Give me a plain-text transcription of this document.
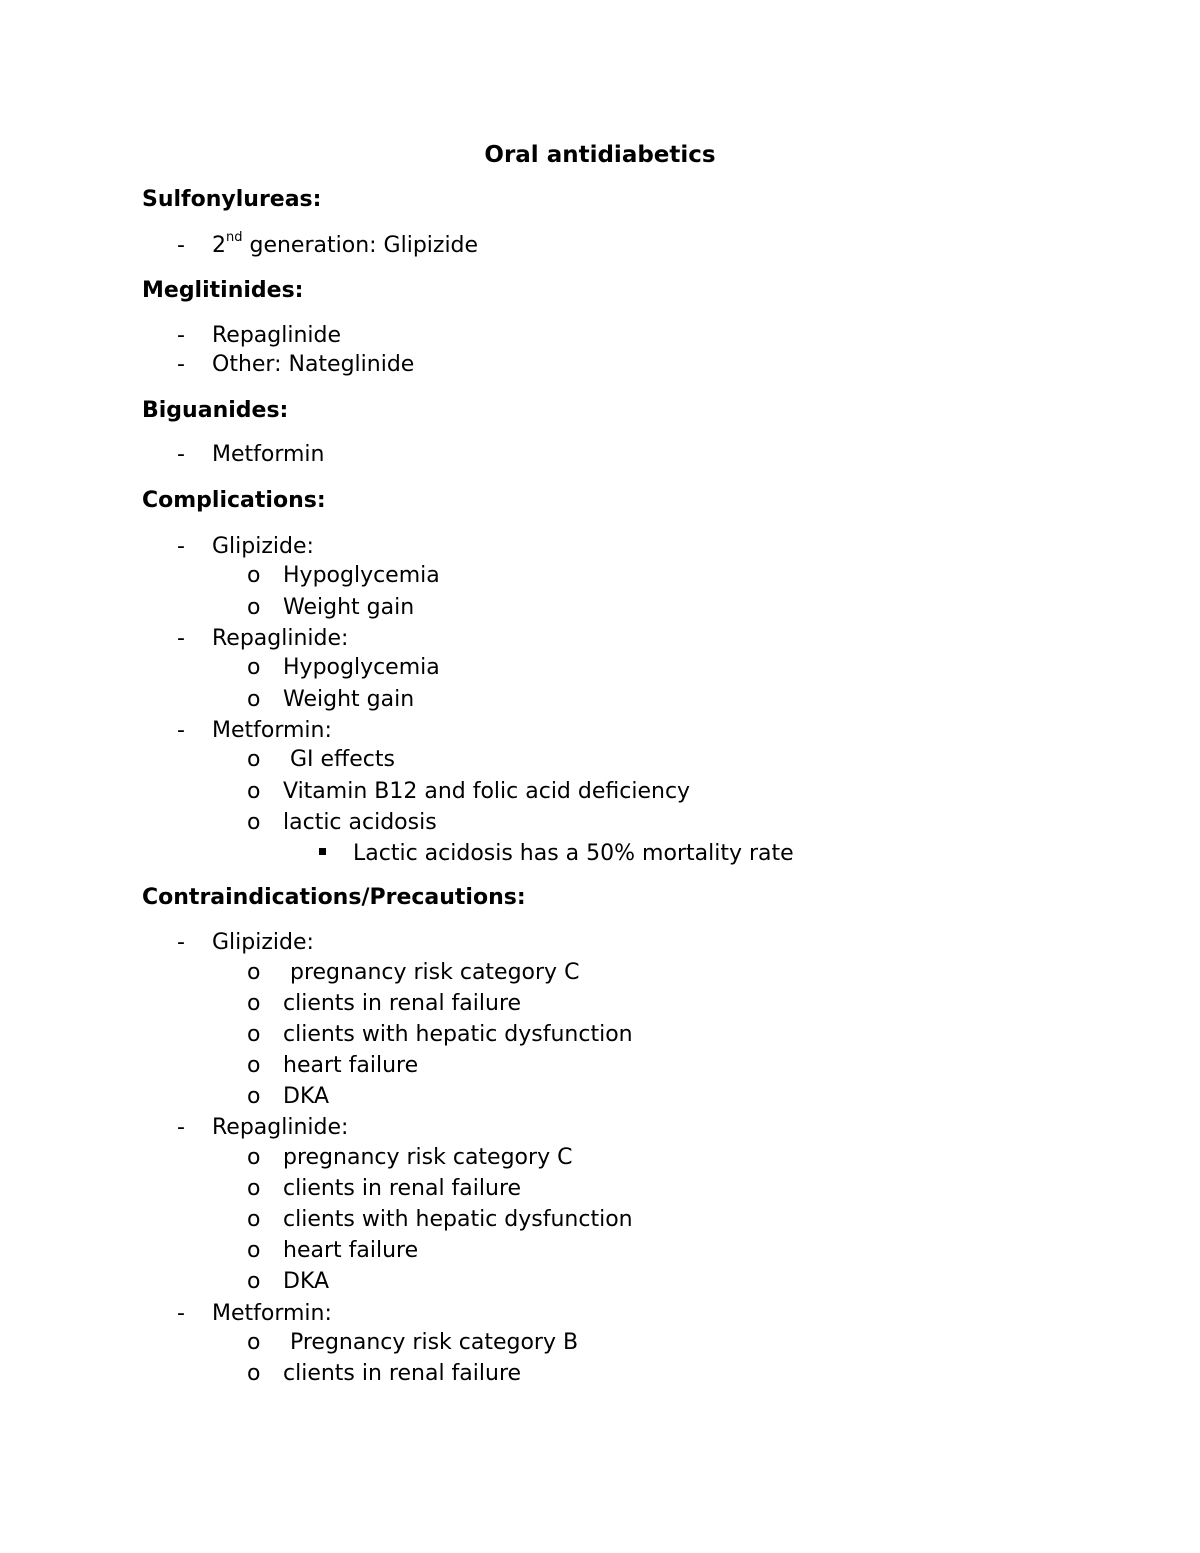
Oral antidiabetics
Sulfonylureas:
- 2nd generation: Glipizide
Meglitinides:
- Repaglinide
- Other: Nateglinide
Biguanides:
- Metformin
Complications:
- Glipizide:
o Hypoglycemia
o Weight gain
- Repaglinide:
o Hypoglycemia
o Weight gain
- Metformin:
o GI effects
o Vitamin B12 and folic acid deficiency
o lactic acidosis
Lactic acidosis has a 50% mortality rate
Contraindications/Precautions:
- Glipizide:
o pregnancy risk category C
o clients in renal failure
o clients with hepatic dysfunction
o heart failure
o DKA
- Repaglinide:
o pregnancy risk category C
o clients in renal failure
o clients with hepatic dysfunction
o heart failure
o DKA
- Metformin:
o Pregnancy risk category B
o clients in renal failure
